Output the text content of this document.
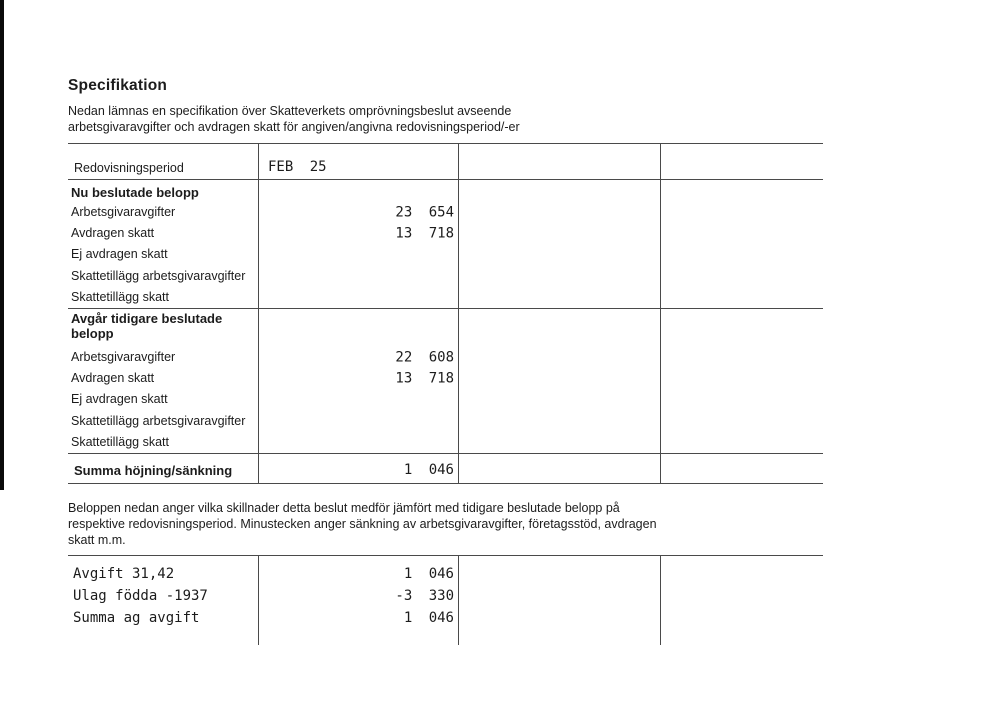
Specifikation

Nedan lämnas en specifikation över Skatteverkets omprövningsbeslut avseende arbetsgivaravgifter och avdragen skatt för angiven/angivna redovisningsperiod/-er

Redovisningsperiod	FEB 25
Nu beslutade belopp
Arbetsgivaravgifter	23 654
Avdragen skatt	13 718
Ej avdragen skatt
Skattetillägg arbetsgivaravgifter
Skattetillägg skatt
Avgår tidigare beslutade belopp
Arbetsgivaravgifter	22 608
Avdragen skatt	13 718
Ej avdragen skatt
Skattetillägg arbetsgivaravgifter
Skattetillägg skatt
Summa höjning/sänkning	1 046

Beloppen nedan anger vilka skillnader detta beslut medför jämfört med tidigare beslutade belopp på respektive redovisningsperiod. Minustecken anger sänkning av arbetsgivaravgifter, företagsstöd, avdragen skatt m.m.

Avgift 31,42	1 046
Ulag födda -1937	-3 330
Summa ag avgift	1 046
